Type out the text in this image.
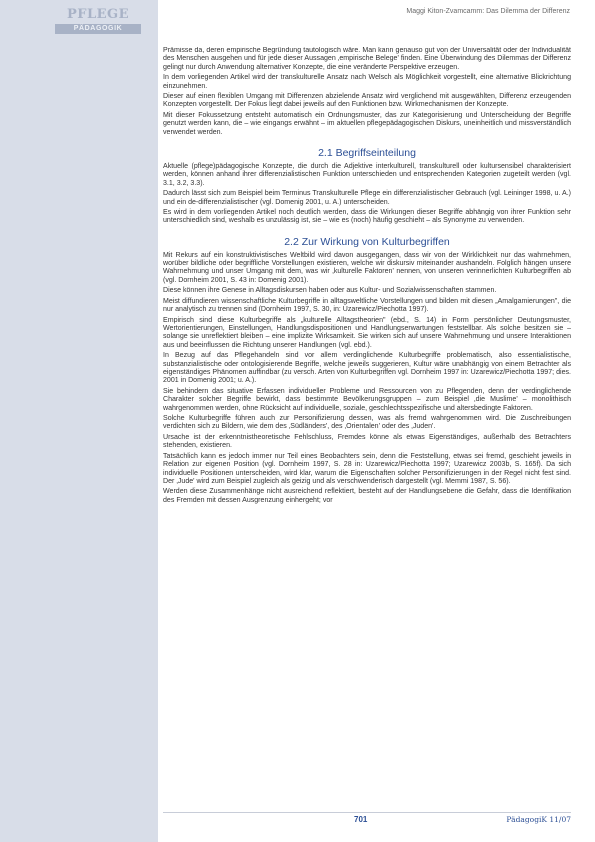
PFLEGE
PÄDAGOGIK
Maggi Kiton-Zvamcamm: Das Dilemma der Differenz

Prämisse da, deren empirische Begründung tautologisch wäre. Man kann genauso gut von der Universalität oder der Individualität des Menschen ausgehen und für jede dieser Aussagen ‚empirische Belege' finden. Eine Überwindung des Dilemmas der Differenz gelingt nur durch Anwendung alternativer Konzepte, die eine veränderte Perspektive erzeugen.

In dem vorliegenden Artikel wird der transkulturelle Ansatz nach Welsch als Möglichkeit vorgestellt, eine alternative Blickrichtung einzunehmen.

Dieser auf einen flexiblen Umgang mit Differenzen abzielende Ansatz wird verglichend mit ausgewählten, Differenz erzeugenden Konzepten vorgestellt. Der Fokus liegt dabei jeweils auf den Funktionen bzw. Wirkmechanismen der Konzepte.

Mit dieser Fokussetzung entsteht automatisch ein Ordnungsmuster, das zur Kategorisierung und Unterscheidung der Begriffe genutzt werden kann, die – wie eingangs erwähnt – im aktuellen pflegepädagogischen Diskurs, uneinheitlich und missverständlich verwendet werden.

2.1 Begriffseinteilung

Aktuelle (pflege)pädagogische Konzepte, die durch die Adjektive interkulturell, transkulturell oder kultursensibel charakterisiert werden, können anhand ihrer differenzialistischen Funktion unterschieden und entsprechenden Kategorien zugeteilt werden (vgl. 3.1, 3.2, 3.3).

Dadurch lässt sich zum Beispiel beim Terminus Transkulturelle Pflege ein differenzialistischer Gebrauch (vgl. Leininger 1998, u. A.) und ein de-differenzialistischer (vgl. Domenig 2001, u. A.) unterscheiden.

Es wird in dem vorliegenden Artikel noch deutlich werden, dass die Wirkungen dieser Begriffe abhängig von ihrer Funktion sehr unterschiedlich sind, weshalb es unzulässig ist, sie – wie es (noch) häufig geschieht – als Synonyme zu verwenden.

2.2 Zur Wirkung von Kulturbegriffen

Mit Rekurs auf ein konstruktivistisches Weltbild wird davon ausgegangen, dass wir von der Wirklichkeit nur das wahrnehmen, worüber bildliche oder begriffliche Vorstellungen existieren, welche wir diskursiv miteinander aushandeln. Folglich hängen unsere Wahrnehmung und unser Umgang mit dem, was wir ‚kulturelle Faktoren' nennen, von unseren verinnerlichten Kulturbegriffen ab (vgl. Dornheim 2001, S. 43 in: Domenig 2001).

Diese können ihre Genese in Alltagsdiskursen haben oder aus Kultur- und Sozialwissenschaften stammen.

Meist diffundieren wissenschaftliche Kulturbegriffe in alltagsweltliche Vorstellungen und bilden mit diesen „Amalgamierungen", die nur analytisch zu trennen sind (Dornheim 1997, S. 30, in: Uzarewicz/Piechotta 1997).

Empirisch sind diese Kulturbegriffe als „kulturelle Alltagstheorien" (ebd., S. 14) in Form persönlicher Deutungsmuster, Wertorientierungen, Einstellungen, Handlungsdispositionen und Handlungserwartungen feststellbar. Als solche besitzen sie – solange sie unreflektiert bleiben – eine implizite Wirksamkeit. Sie wirken sich auf unsere Wahrnehmung und unsere Interaktionen aus und beeinflussen die Richtung unserer Handlungen (vgl. ebd.).

In Bezug auf das Pflegehandeln sind vor allem verdinglichende Kulturbegriffe problematisch, also essentialistische, substanzialistische oder ontologisierende Begriffe, welche jeweils suggerieren, Kultur wäre unabhängig von einem Betrachter als eigenständiges Phänomen auffindbar (zu versch. Arten von Kulturbegriffen vgl. Dornheim 1997 in: Uzarewicz/Piechotta 1997; dies. 2001 in Domenig 2001; u. A.).

Sie behindern das situative Erfassen individueller Probleme und Ressourcen von zu Pflegenden, denn der verdinglichende Charakter solcher Begriffe bewirkt, dass bestimmte Bevölkerungsgruppen – zum Beispiel ‚die Muslime' – monolithisch wahrgenommen werden, ohne Rücksicht auf individuelle, soziale, geschlechtsspezifische und altersbedingte Faktoren.

Solche Kulturbegriffe führen auch zur Personifizierung dessen, was als fremd wahrgenommen wird. Die Zuschreibungen verdichten sich zu Bildern, wie dem des ‚Südländers', des ‚Orientalen' oder des ‚Juden'.

Ursache ist der erkenntnistheoretische Fehlschluss, Fremdes könne als etwas Eigenständiges, außerhalb des Betrachters stehenden, existieren.

Tatsächlich kann es jedoch immer nur Teil eines Beobachters sein, denn die Feststellung, etwas sei fremd, geschieht jeweils in Relation zur eigenen Position (vgl. Dornheim 1997, S. 28 in: Uzarewicz/Piechotta 1997; Uzarewicz 2003b, S. 165f). Da sich individuelle Positionen unterscheiden, wird klar, warum die Eigenschaften solcher Personifizierungen in der Regel nicht fest sind. Der ‚Jude' wird zum Beispiel zugleich als geizig und als verschwenderisch dargestellt (vgl. Memmi 1987, S. 56).

Werden diese Zusammenhänge nicht ausreichend reflektiert, besteht auf der Handlungsebene die Gefahr, dass die Identifikation des Fremden mit dessen Ausgrenzung einhergeht; vor

701	PädagogiK 11/07
